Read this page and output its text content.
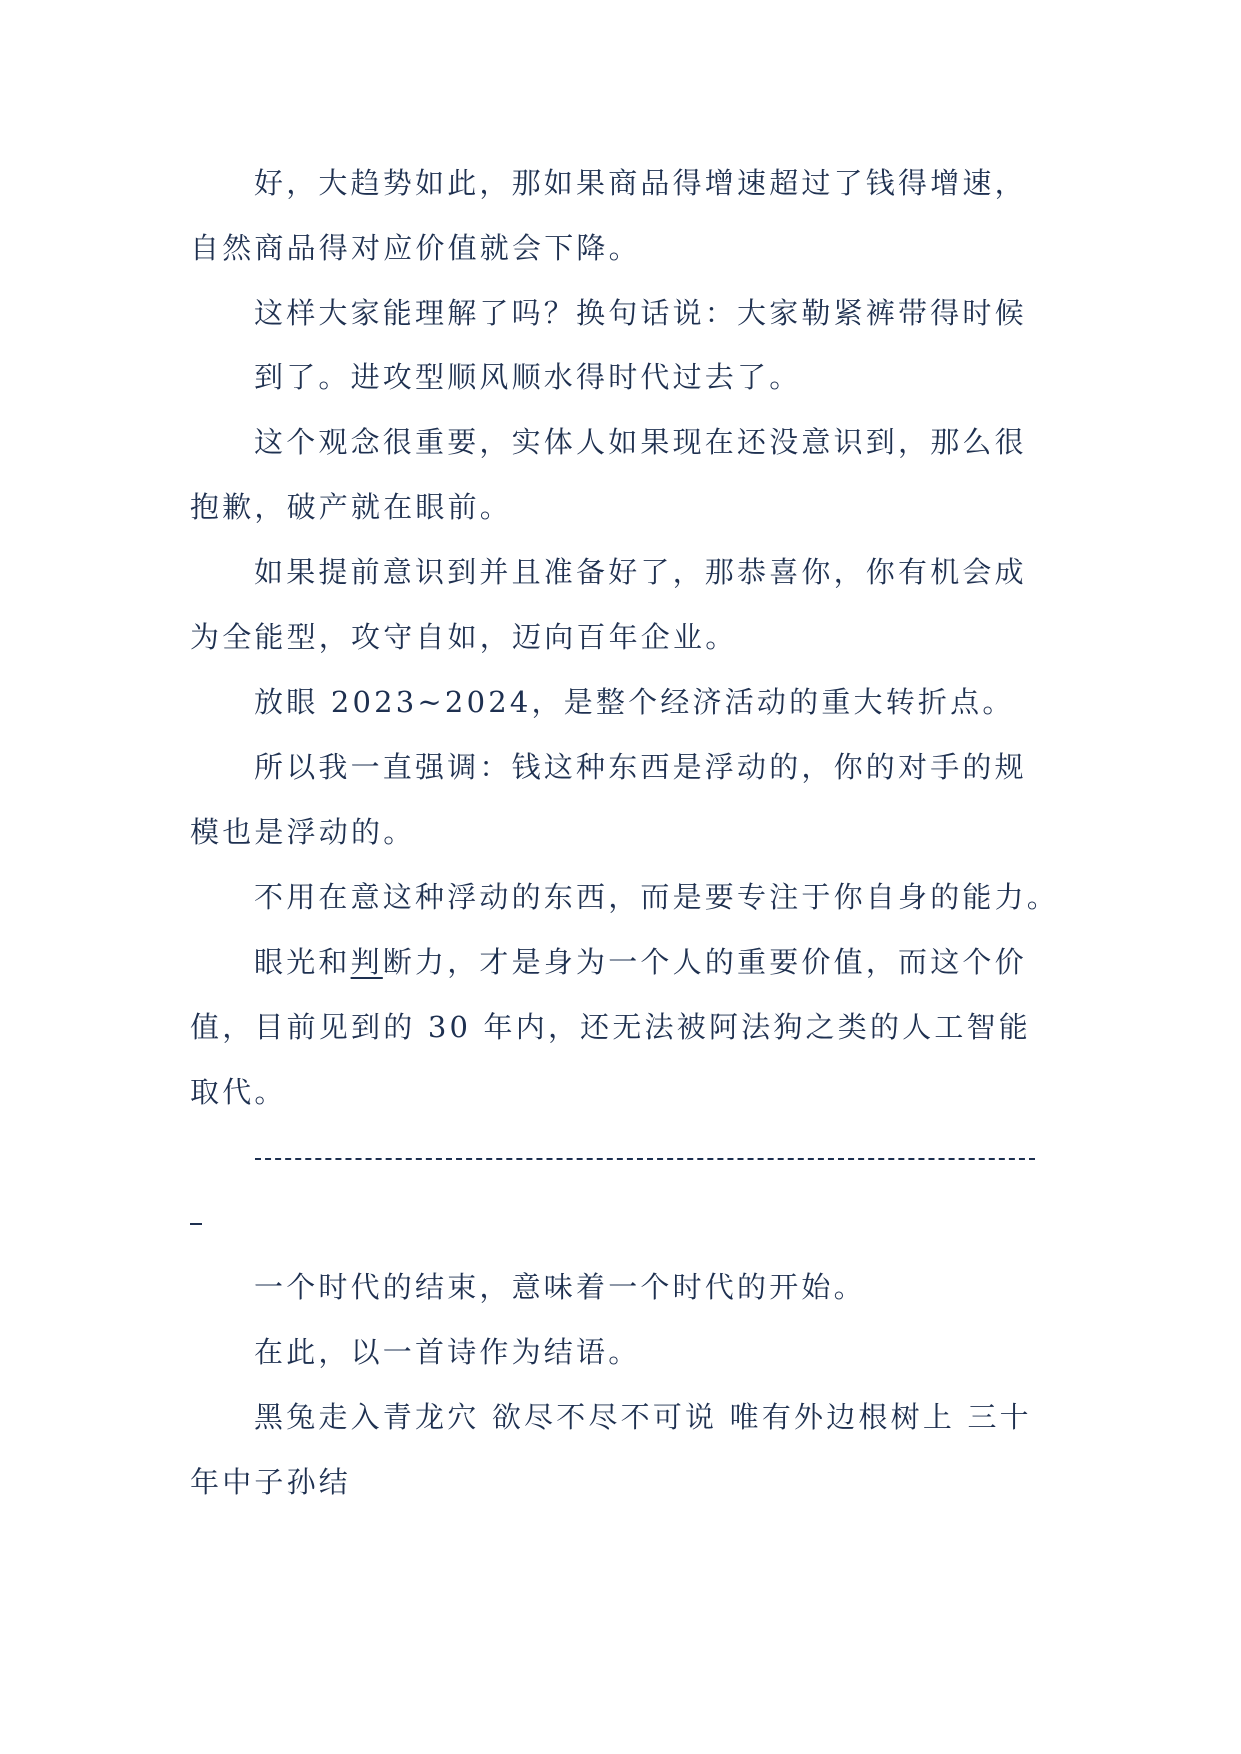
好，大趋势如此，那如果商品得增速超过了钱得增速，
自然商品得对应价值就会下降。
这样大家能理解了吗？换句话说：大家勒紧裤带得时候
到了。进攻型顺风顺水得时代过去了。
这个观念很重要，实体人如果现在还没意识到，那么很
抱歉，破产就在眼前。
如果提前意识到并且准备好了，那恭喜你，你有机会成
为全能型，攻守自如，迈向百年企业。
放眼 2023~2024，是整个经济活动的重大转折点。
所以我一直强调：钱这种东西是浮动的，你的对手的规
模也是浮动的。
不用在意这种浮动的东西，而是要专注于你自身的能力。
眼光和判断力，才是身为一个人的重要价值，而这个价
值，目前见到的 30 年内，还无法被阿法狗之类的人工智能
取代。
一个时代的结束，意味着一个时代的开始。
在此，以一首诗作为结语。
黑兔走入青龙穴 欲尽不尽不可说 唯有外边根树上 三十
年中子孙结
